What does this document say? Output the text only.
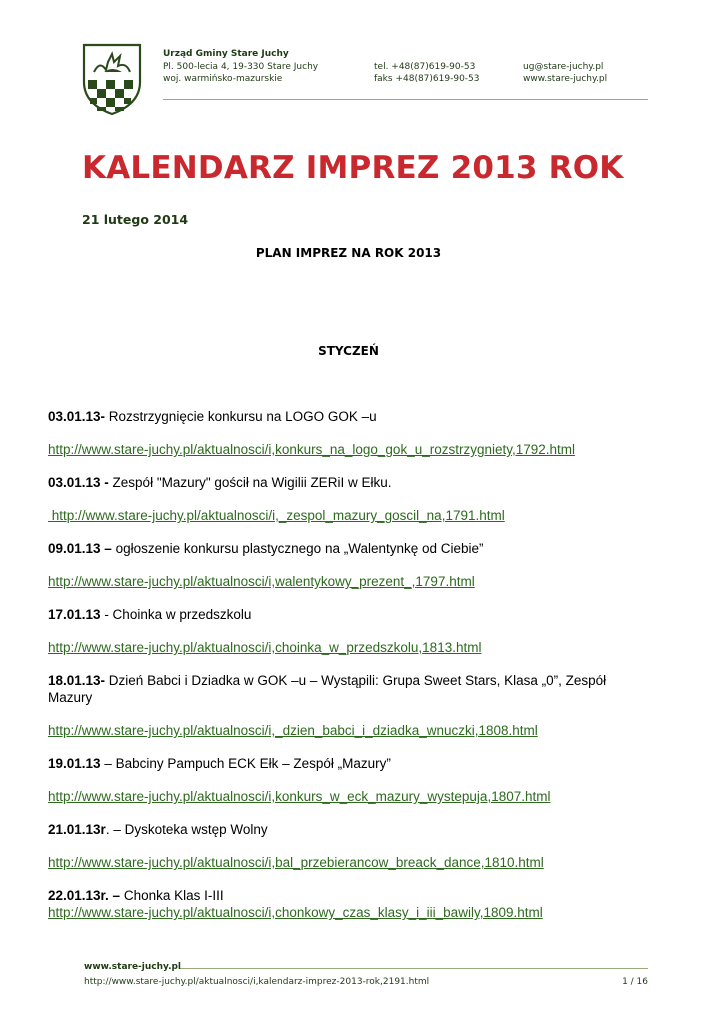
Urząd Gminy Stare Juchy
Pl. 500-lecia 4, 19-330 Stare Juchy
woj. warmińsko-mazurskie

tel. +48(87)619-90-53
faks +48(87)619-90-53

ug@stare-juchy.pl
www.stare-juchy.pl
KALENDARZ IMPREZ 2013 ROK
21 lutego 2014
PLAN IMPREZ NA ROK 2013
STYCZEŃ

03.01.13- Rozstrzygnięcie konkursu na LOGO GOK –u

http://www.stare-juchy.pl/aktualnosci/i,konkurs_na_logo_gok_u_rozstrzygniety,1792.html

03.01.13 - Zespół "Mazury" gościł na Wigilii ZERiI w Ełku.

http://www.stare-juchy.pl/aktualnosci/i,_zespol_mazury_goscil_na,1791.html

09.01.13 – ogłoszenie konkursu plastycznego na „Walentynkę od Ciebie”

http://www.stare-juchy.pl/aktualnosci/i,walentykowy_prezent_,1797.html

17.01.13 - Choinka w przedszkolu

http://www.stare-juchy.pl/aktualnosci/i,choinka_w_przedszkolu,1813.html

18.01.13- Dzień Babci i Dziadka w GOK –u – Wystąpili: Grupa Sweet Stars, Klasa „0”, Zespół Mazury

http://www.stare-juchy.pl/aktualnosci/i,_dzien_babci_i_dziadka_wnuczki,1808.html

19.01.13 – Babciny Pampuch ECK Ełk – Zespół „Mazury”

http://www.stare-juchy.pl/aktualnosci/i,konkurs_w_eck_mazury_wystepuja,1807.html

21.01.13r. – Dyskoteka wstęp Wolny

http://www.stare-juchy.pl/aktualnosci/i,bal_przebierancow_breack_dance,1810.html

22.01.13r. – Chonka Klas I-III

http://www.stare-juchy.pl/aktualnosci/i,chonkowy_czas_klasy_i_iii_bawily,1809.html
www.stare-juchy.pl
http://www.stare-juchy.pl/aktualnosci/i,kalendarz-imprez-2013-rok,2191.html	1 / 16
